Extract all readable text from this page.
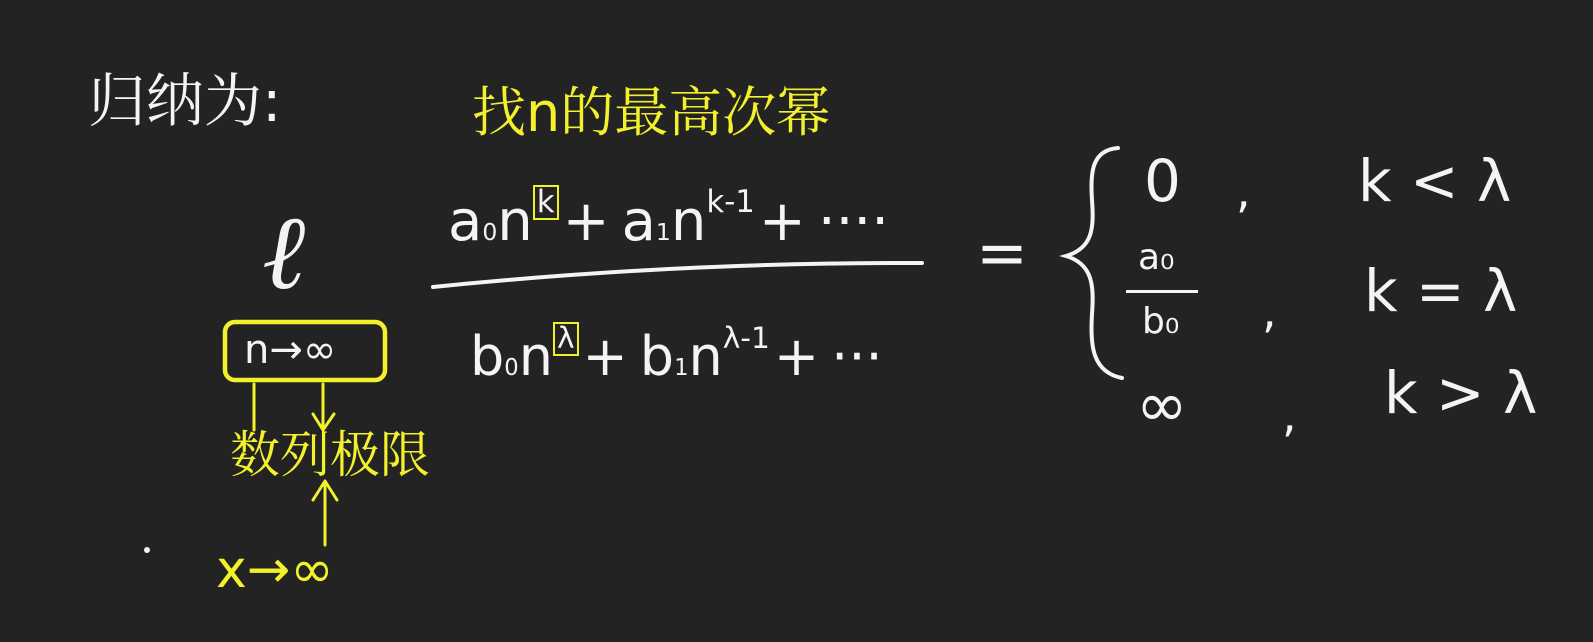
归纳为:	找n的最高次幂
ℓ
n→∞
数列极限
x→∞
$a_0n$ $^k + a_1n^{k-1}+$ ····
$b_0n$ $^\lambda + b_1n^{\lambda-1}+$ ···
=
0 , k < λ
a₀
b₀ , k = λ
∞ , k > λ
